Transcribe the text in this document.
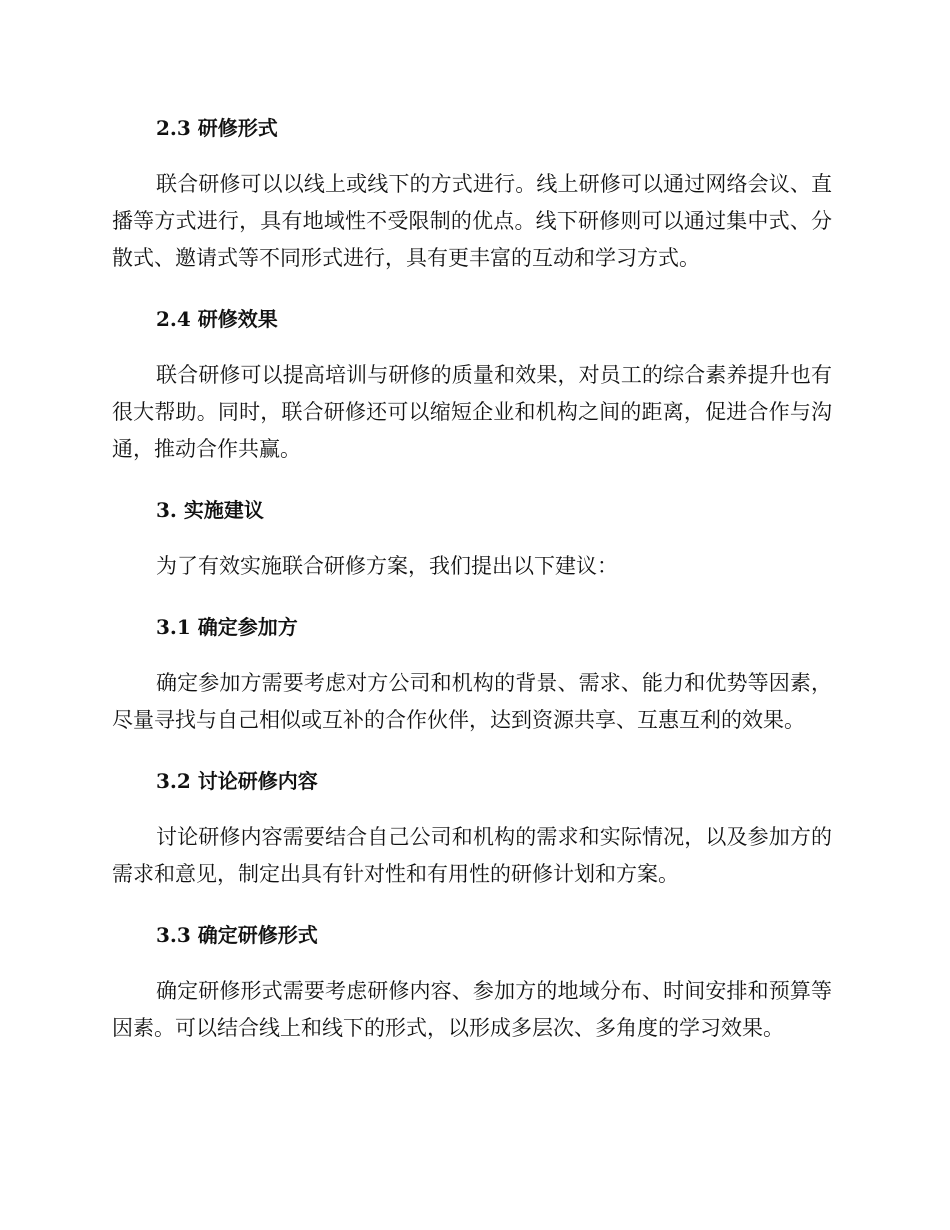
2.3 研修形式

联合研修可以以线上或线下的方式进行。线上研修可以通过网络会议、直播等方式进行，具有地域性不受限制的优点。线下研修则可以通过集中式、分散式、邀请式等不同形式进行，具有更丰富的互动和学习方式。

2.4 研修效果

联合研修可以提高培训与研修的质量和效果，对员工的综合素养提升也有很大帮助。同时，联合研修还可以缩短企业和机构之间的距离，促进合作与沟通，推动合作共赢。

3. 实施建议

为了有效实施联合研修方案，我们提出以下建议：

3.1 确定参加方

确定参加方需要考虑对方公司和机构的背景、需求、能力和优势等因素，尽量寻找与自己相似或互补的合作伙伴，达到资源共享、互惠互利的效果。

3.2 讨论研修内容

讨论研修内容需要结合自己公司和机构的需求和实际情况，以及参加方的需求和意见，制定出具有针对性和有用性的研修计划和方案。

3.3 确定研修形式

确定研修形式需要考虑研修内容、参加方的地域分布、时间安排和预算等因素。可以结合线上和线下的形式，以形成多层次、多角度的学习效果。
